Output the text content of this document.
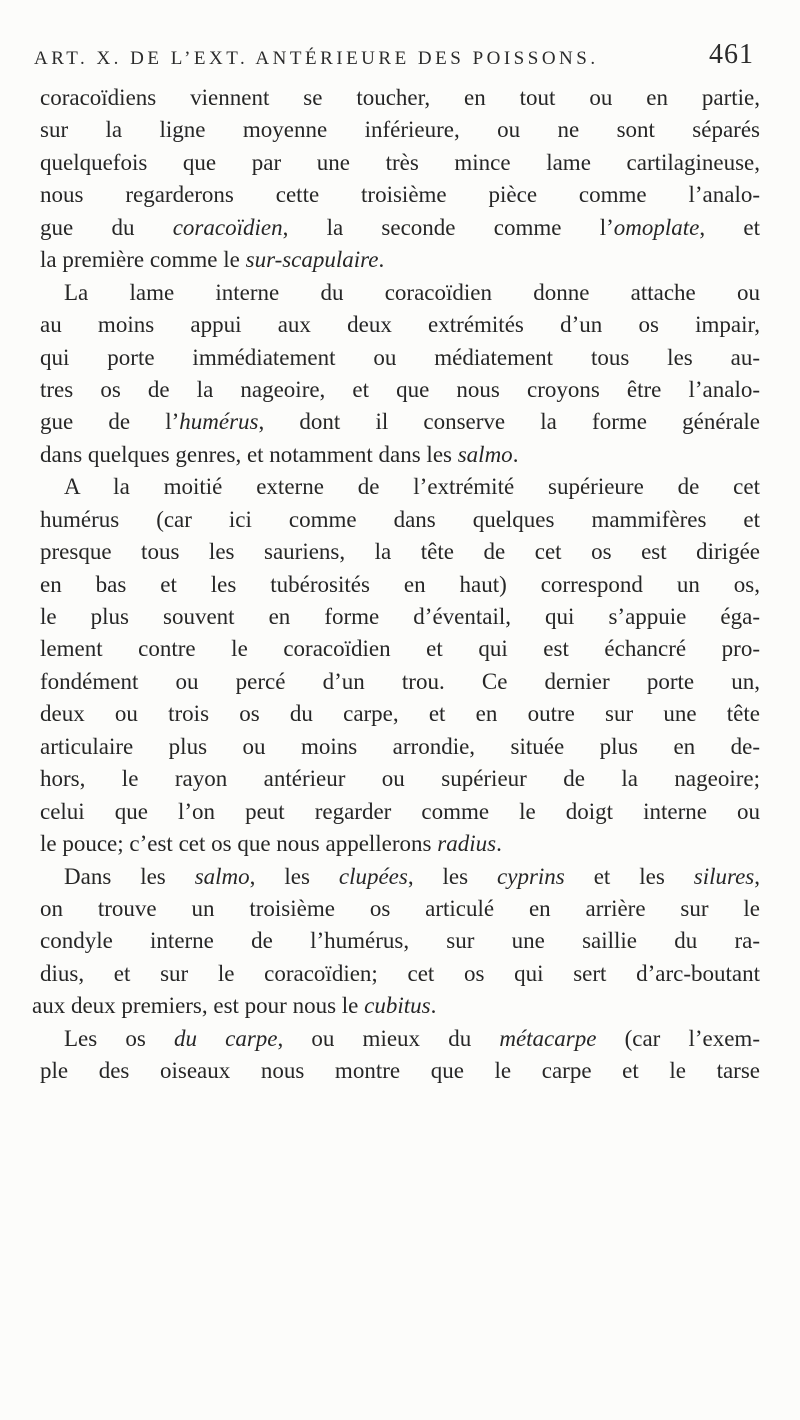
ART. X. DE L’EXT. ANTÉRIEURE DES POISSONS.	461
coracoïdiens viennent se toucher, en tout ou en partie,
sur la ligne moyenne inférieure, ou ne sont séparés
quelquefois que par une très mince lame cartilagineuse,
nous regarderons cette troisième pièce comme l’analo-
gue du coracoïdien, la seconde comme l’omoplate, et
la première comme le sur-scapulaire.
La lame interne du coracoïdien donne attache ou
au moins appui aux deux extrémités d’un os impair,
qui porte immédiatement ou médiatement tous les au-
tres os de la nageoire, et que nous croyons être l’analo-
gue de l’humérus, dont il conserve la forme générale
dans quelques genres, et notamment dans les salmo.
A la moitié externe de l’extrémité supérieure de cet
humérus (car ici comme dans quelques mammifères et
presque tous les sauriens, la tête de cet os est dirigée
en bas et les tubérosités en haut) correspond un os,
le plus souvent en forme d’éventail, qui s’appuie éga-
lement contre le coracoïdien et qui est échancré pro-
fondément ou percé d’un trou. Ce dernier porte un,
deux ou trois os du carpe, et en outre sur une tête
articulaire plus ou moins arrondie, située plus en de-
hors, le rayon antérieur ou supérieur de la nageoire;
celui que l’on peut regarder comme le doigt interne ou
le pouce; c’est cet os que nous appellerons radius.
Dans les salmo, les clupées, les cyprins et les silures,
on trouve un troisième os articulé en arrière sur le
condyle interne de l’humérus, sur une saillie du ra-
dius, et sur le coracoïdien; cet os qui sert d’arc-boutant
aux deux premiers, est pour nous le cubitus.
Les os du carpe, ou mieux du métacarpe (car l’exem-
ple des oiseaux nous montre que le carpe et le tarse
